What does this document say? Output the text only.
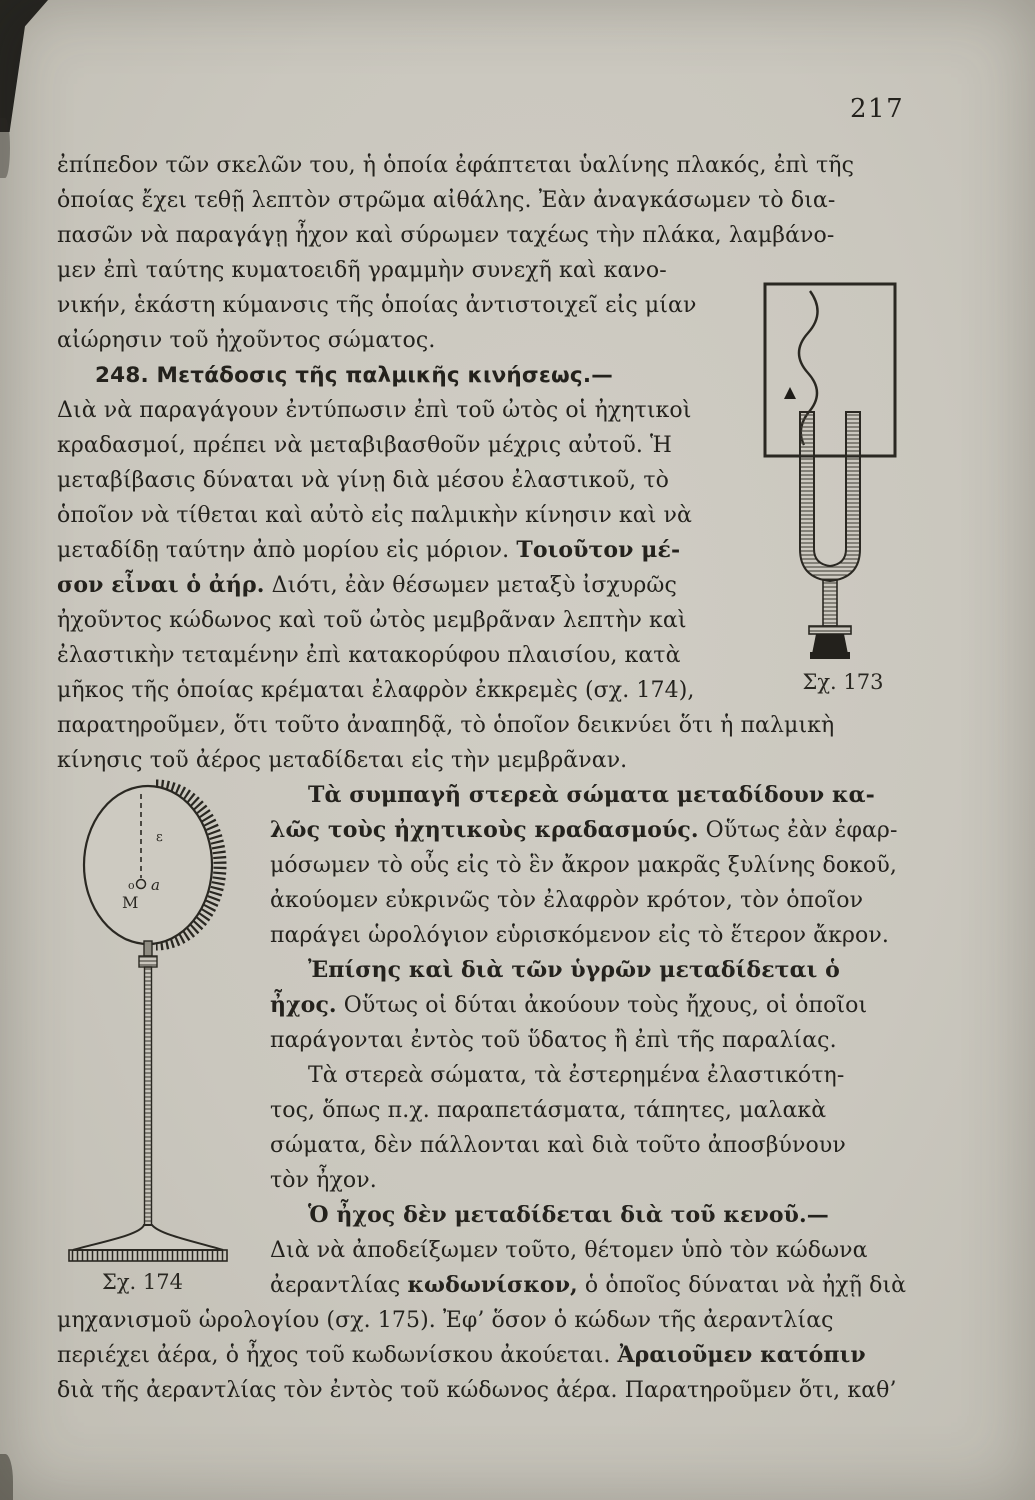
217
ἐπίπεδον τῶν σκελῶν του, ἡ ὁποία ἐφάπτεται ὑαλίνης πλακός, ἐπὶ τῆς
ὁποίας ἔχει τεθῇ λεπτὸν στρῶμα αἰθάλης. Ἐὰν ἀναγκάσωμεν τὸ δια-
πασῶν νὰ παραγάγῃ ἦχον καὶ σύρωμεν ταχέως τὴν πλάκα, λαμβάνο-
μεν ἐπὶ ταύτης κυματοειδῆ γραμμὴν συνεχῆ καὶ κανο-
νικήν, ἑκάστη κύμανσις τῆς ὁποίας ἀντιστοιχεῖ εἰς μίαν
αἰώρησιν τοῦ ἠχοῦντος σώματος.
248. Μετάδοσις τῆς παλμικῆς κινήσεως.—
Διὰ νὰ παραγάγουν ἐντύπωσιν ἐπὶ τοῦ ὠτὸς οἱ ἠχητικοὶ
κραδασμοί, πρέπει νὰ μεταβιβασθοῦν μέχρις αὐτοῦ. Ἡ
μεταβίβασις δύναται νὰ γίνῃ διὰ μέσου ἐλαστικοῦ, τὸ
ὁποῖον νὰ τίθεται καὶ αὐτὸ εἰς παλμικὴν κίνησιν καὶ νὰ
μεταδίδῃ ταύτην ἀπὸ μορίου εἰς μόριον. Τοιοῦτον μέ-
σον εἶναι ὁ ἀήρ. Διότι, ἐὰν θέσωμεν μεταξὺ ἰσχυρῶς
ἠχοῦντος κώδωνος καὶ τοῦ ὠτὸς μεμβρᾶναν λεπτὴν καὶ
ἐλαστικὴν τεταμένην ἐπὶ κατακορύφου πλαισίου, κατὰ
μῆκος τῆς ὁποίας κρέμαται ἐλαφρὸν ἐκκρεμὲς (σχ. 174),
παρατηροῦμεν, ὅτι τοῦτο ἀναπηδᾷ, τὸ ὁποῖον δεικνύει ὅτι ἡ παλμικὴ
κίνησις τοῦ ἀέρος μεταδίδεται εἰς τὴν μεμβρᾶναν.
Τὰ συμπαγῆ στερεὰ σώματα μεταδίδουν κα-
λῶς τοὺς ἠχητικοὺς κραδασμούς. Οὕτως ἐὰν ἐφαρ-
μόσωμεν τὸ οὖς εἰς τὸ ἓν ἄκρον μακρᾶς ξυλίνης δοκοῦ,
ἀκούομεν εὐκρινῶς τὸν ἐλαφρὸν κρότον, τὸν ὁποῖον
παράγει ὡρολόγιον εὑρισκόμενον εἰς τὸ ἕτερον ἄκρον.
Ἐπίσης καὶ διὰ τῶν ὑγρῶν μεταδίδεται ὁ
ἦχος. Οὕτως οἱ δύται ἀκούουν τοὺς ἤχους, οἱ ὁποῖοι
παράγονται ἐντὸς τοῦ ὕδατος ἢ ἐπὶ τῆς παραλίας.
Τὰ στερεὰ σώματα, τὰ ἐστερημένα ἐλαστικότη-
τος, ὅπως π.χ. παραπετάσματα, τάπητες, μαλακὰ
σώματα, δὲν πάλλονται καὶ διὰ τοῦτο ἀποσβύνουν
τὸν ἦχον.
Ὁ ἦχος δὲν μεταδίδεται διὰ τοῦ κενοῦ.—
Διὰ νὰ ἀποδείξωμεν τοῦτο, θέτομεν ὑπὸ τὸν κώδωνα
ἀεραντλίας κωδωνίσκον, ὁ ὁποῖος δύναται νὰ ἠχῇ διὰ
μηχανισμοῦ ὡρολογίου (σχ. 175). Ἐφ’ ὅσον ὁ κώδων τῆς ἀεραντλίας
περιέχει ἀέρα, ὁ ἦχος τοῦ κωδωνίσκου ἀκούεται. Ἀραιοῦμεν κατόπιν
διὰ τῆς ἀεραντλίας τὸν ἐντὸς τοῦ κώδωνος ἀέρα. Παρατηροῦμεν ὅτι, καθ’
Σχ. 173
ε
ο a
M
Σχ. 174
